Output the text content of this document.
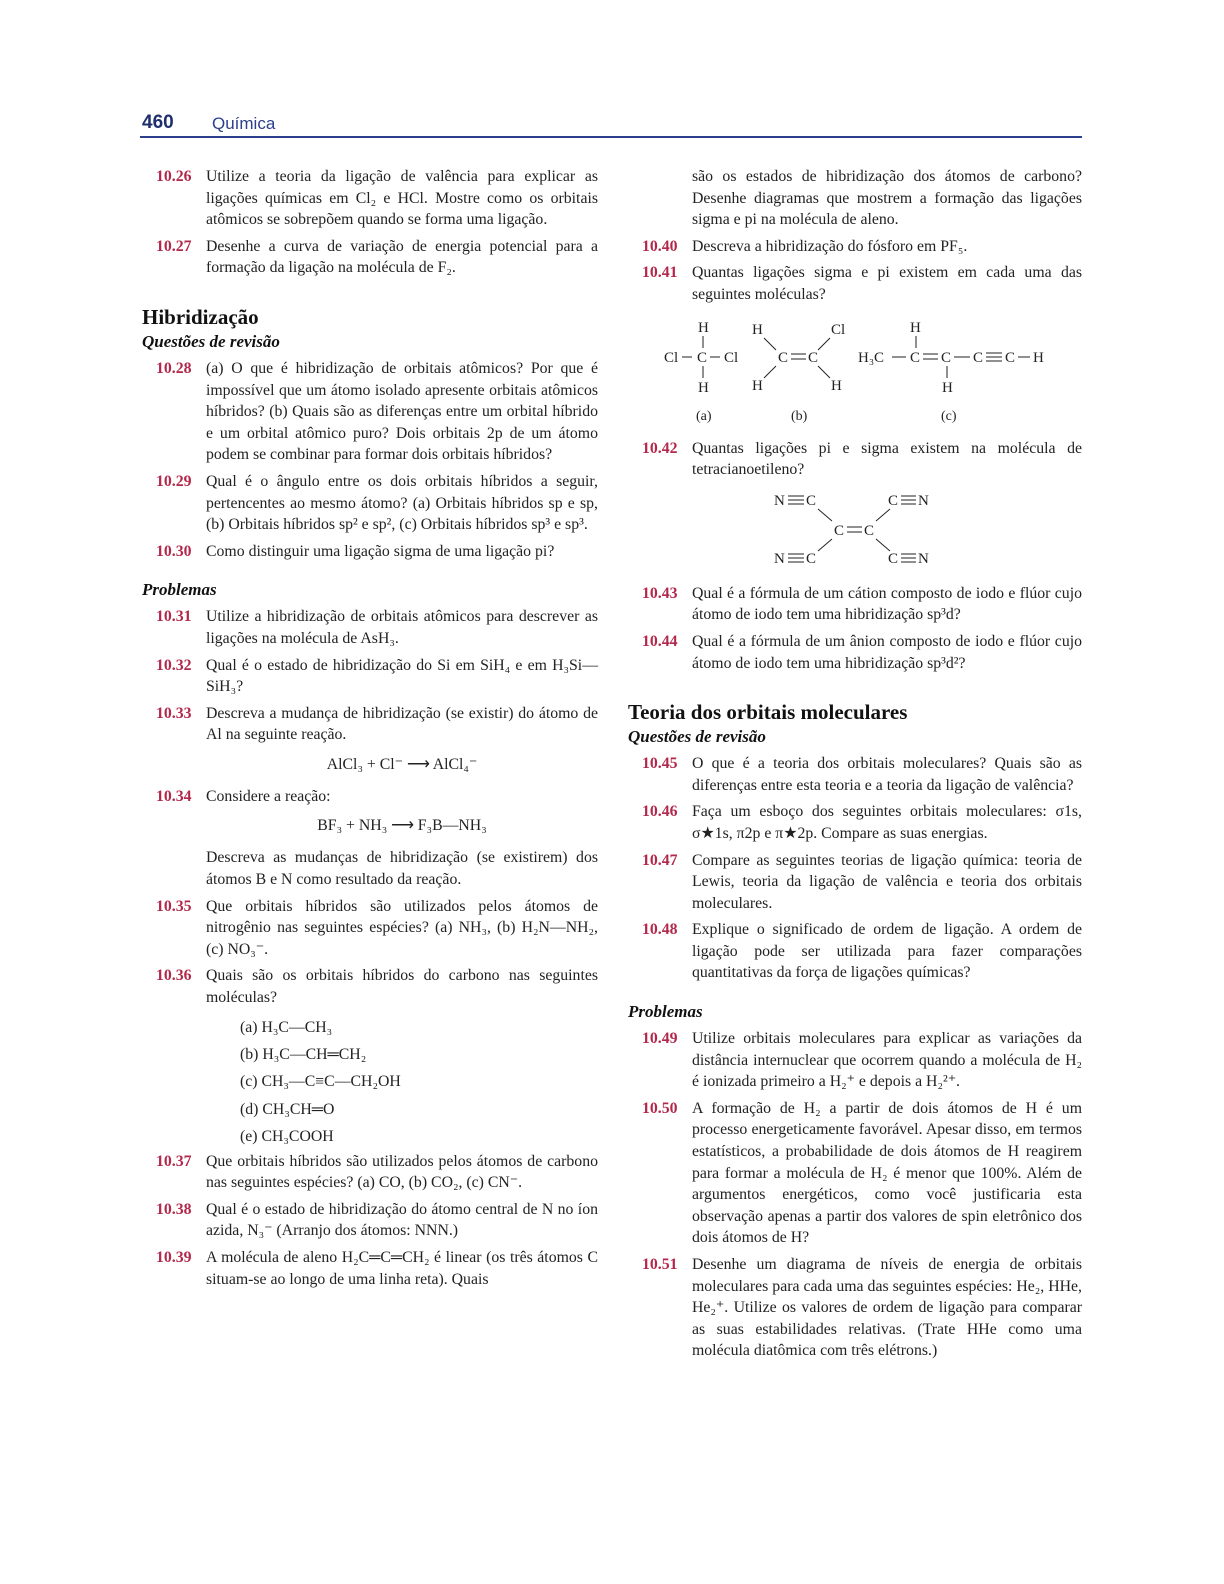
460 Química
10.26 Utilize a teoria da ligação de valência para explicar as ligações químicas em Cl₂ e HCl. Mostre como os orbitais atômicos se sobrepõem quando se forma uma ligação.
10.27 Desenhe a curva de variação de energia potencial para a formação da ligação na molécula de F₂.
Hibridização
Questões de revisão
10.28 (a) O que é hibridização de orbitais atômicos? Por que é impossível que um átomo isolado apresente orbitais atômicos híbridos? (b) Quais são as diferenças entre um orbital híbrido e um orbital atômico puro? Dois orbitais 2p de um átomo podem se combinar para formar dois orbitais híbridos?
10.29 Qual é o ângulo entre os dois orbitais híbridos a seguir, pertencentes ao mesmo átomo? (a) Orbitais híbridos sp e sp, (b) Orbitais híbridos sp² e sp², (c) Orbitais híbridos sp³ e sp³.
10.30 Como distinguir uma ligação sigma de uma ligação pi?
Problemas
10.31 Utilize a hibridização de orbitais atômicos para descrever as ligações na molécula de AsH₃.
10.32 Qual é o estado de hibridização do Si em SiH₄ e em H₃Si—SiH₃?
10.33 Descreva a mudança de hibridização (se existir) do átomo de Al na seguinte reação.
AlCl₃ + Cl⁻ ⟶ AlCl₄⁻
10.34 Considere a reação:
BF₃ + NH₃ ⟶ F₃B—NH₃
Descreva as mudanças de hibridização (se existirem) dos átomos B e N como resultado da reação.
10.35 Que orbitais híbridos são utilizados pelos átomos de nitrogênio nas seguintes espécies? (a) NH₃, (b) H₂N—NH₂, (c) NO₃⁻.
10.36 Quais são os orbitais híbridos do carbono nas seguintes moléculas?
(a) H₃C—CH₃
(b) H₃C—CH═CH₂
(c) CH₃—C≡C—CH₂OH
(d) CH₃CH═O
(e) CH₃COOH
10.37 Que orbitais híbridos são utilizados pelos átomos de carbono nas seguintes espécies? (a) CO, (b) CO₂, (c) CN⁻.
10.38 Qual é o estado de hibridização do átomo central de N no íon azida, N₃⁻ (Arranjo dos átomos: NNN.)
10.39 A molécula de aleno H₂C═C═CH₂ é linear (os três átomos C situam-se ao longo de uma linha reta). Quais
são os estados de hibridização dos átomos de carbono? Desenhe diagramas que mostrem a formação das ligações sigma e pi na molécula de aleno.
10.40 Descreva a hibridização do fósforo em PF₅.
10.41 Quantas ligações sigma e pi existem em cada uma das seguintes moléculas?
H
Cl C Cl
H
H
C C
Cl
H	H
H
H₃C C C
H
C C H
(a)	(b)	(c)
10.42 Quantas ligações pi e sigma existem na molécula de tetracianoetileno?
N C	C N
C C
N C	C N
10.43 Qual é a fórmula de um cátion composto de iodo e flúor cujo átomo de iodo tem uma hibridização sp³d?
10.44 Qual é a fórmula de um ânion composto de iodo e flúor cujo átomo de iodo tem uma hibridização sp³d²?
Teoria dos orbitais moleculares
Questões de revisão
10.45 O que é a teoria dos orbitais moleculares? Quais são as diferenças entre esta teoria e a teoria da ligação de valência?
10.46 Faça um esboço dos seguintes orbitais moleculares: σ1s, σ★1s, π2p e π★2p. Compare as suas energias.
10.47 Compare as seguintes teorias de ligação química: teoria de Lewis, teoria da ligação de valência e teoria dos orbitais moleculares.
10.48 Explique o significado de ordem de ligação. A ordem de ligação pode ser utilizada para fazer comparações quantitativas da força de ligações químicas?
Problemas
10.49 Utilize orbitais moleculares para explicar as variações da distância internuclear que ocorrem quando a molécula de H₂ é ionizada primeiro a H₂⁺ e depois a H₂²⁺.
10.50 A formação de H₂ a partir de dois átomos de H é um processo energeticamente favorável. Apesar disso, em termos estatísticos, a probabilidade de dois átomos de H reagirem para formar a molécula de H₂ é menor que 100%. Além de argumentos energéticos, como você justificaria esta observação apenas a partir dos valores de spin eletrônico dos dois átomos de H?
10.51 Desenhe um diagrama de níveis de energia de orbitais moleculares para cada uma das seguintes espécies: He₂, HHe, He₂⁺. Utilize os valores de ordem de ligação para comparar as suas estabilidades relativas. (Trate HHe como uma molécula diatômica com três elétrons.)
